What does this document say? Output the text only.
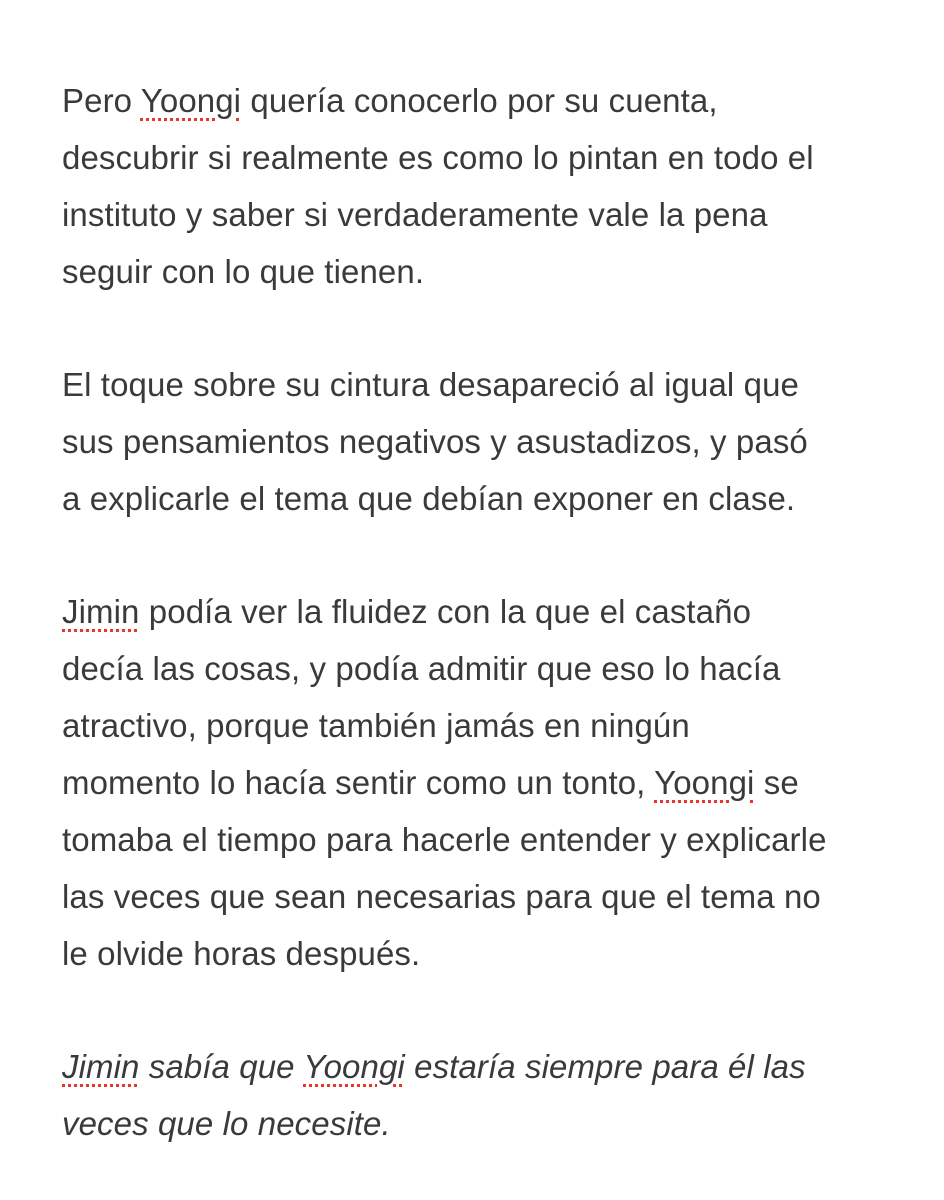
Pero Yoongi quería conocerlo por su cuenta,
descubrir si realmente es como lo pintan en todo el
instituto y saber si verdaderamente vale la pena
seguir con lo que tienen.

El toque sobre su cintura desapareció al igual que
sus pensamientos negativos y asustadizos, y pasó
a explicarle el tema que debían exponer en clase.

Jimin podía ver la fluidez con la que el castaño
decía las cosas, y podía admitir que eso lo hacía
atractivo, porque también jamás en ningún
momento lo hacía sentir como un tonto, Yoongi se
tomaba el tiempo para hacerle entender y explicarle
las veces que sean necesarias para que el tema no
le olvide horas después.

Jimin sabía que Yoongi estaría siempre para él las
veces que lo necesite.
